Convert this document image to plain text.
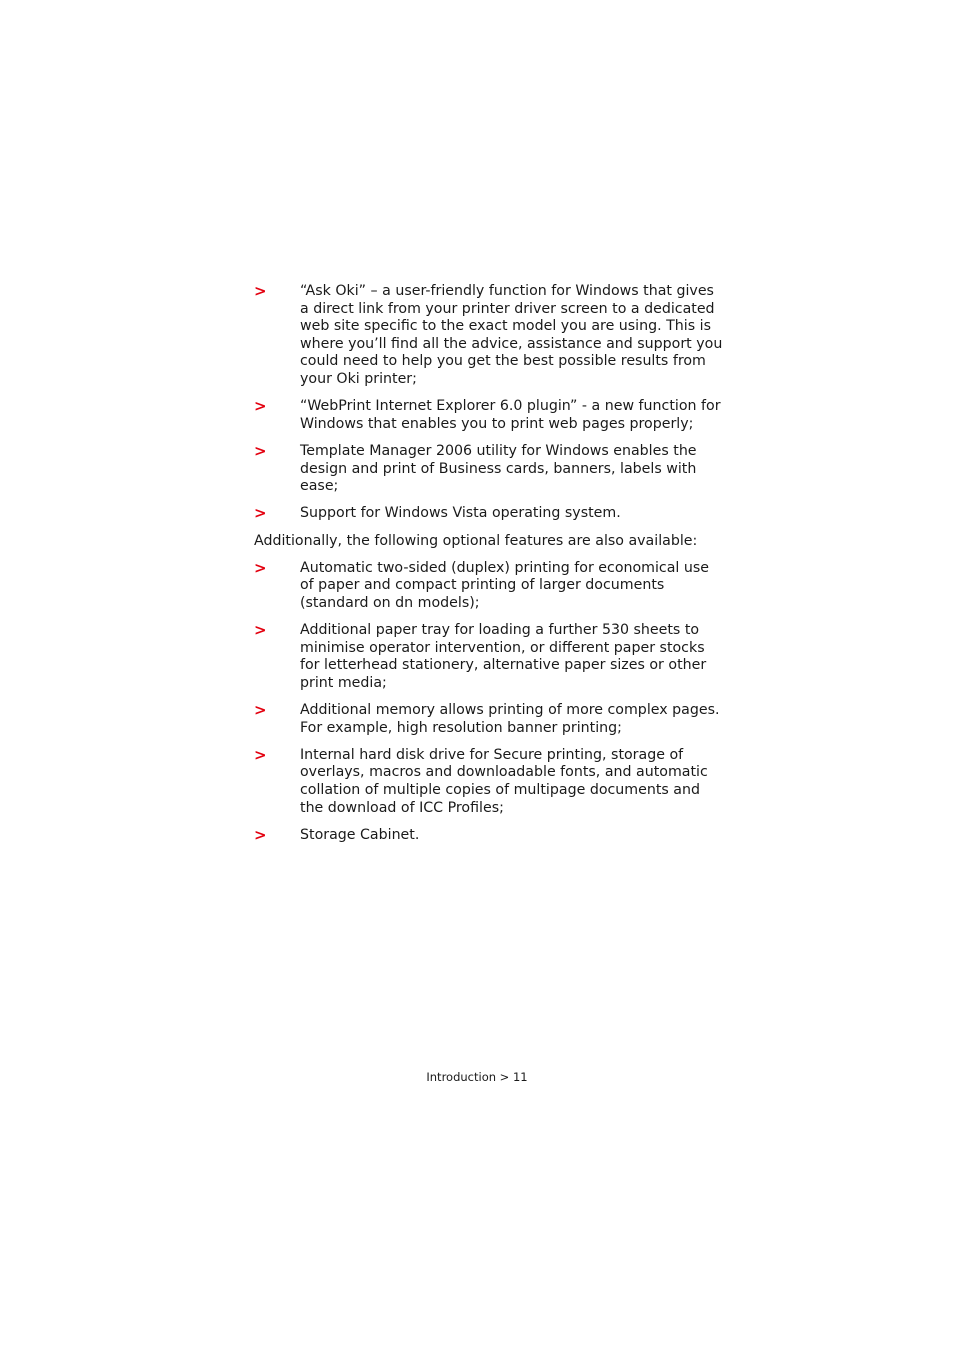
> “Ask Oki” – a user-friendly function for Windows that gives a direct link from your printer driver screen to a dedicated web site specific to the exact model you are using. This is where you’ll find all the advice, assistance and support you could need to help you get the best possible results from your Oki printer;
> “WebPrint Internet Explorer 6.0 plugin” - a new function for Windows that enables you to print web pages properly;
> Template Manager 2006 utility for Windows enables the design and print of Business cards, banners, labels with ease;
> Support for Windows Vista operating system.

Additionally, the following optional features are also available:

> Automatic two-sided (duplex) printing for economical use of paper and compact printing of larger documents (standard on dn models);
> Additional paper tray for loading a further 530 sheets to minimise operator intervention, or different paper stocks for letterhead stationery, alternative paper sizes or other print media;
> Additional memory allows printing of more complex pages. For example, high resolution banner printing;
> Internal hard disk drive for Secure printing, storage of overlays, macros and downloadable fonts, and automatic collation of multiple copies of multipage documents and the download of ICC Profiles;
> Storage Cabinet.
Introduction > 11
